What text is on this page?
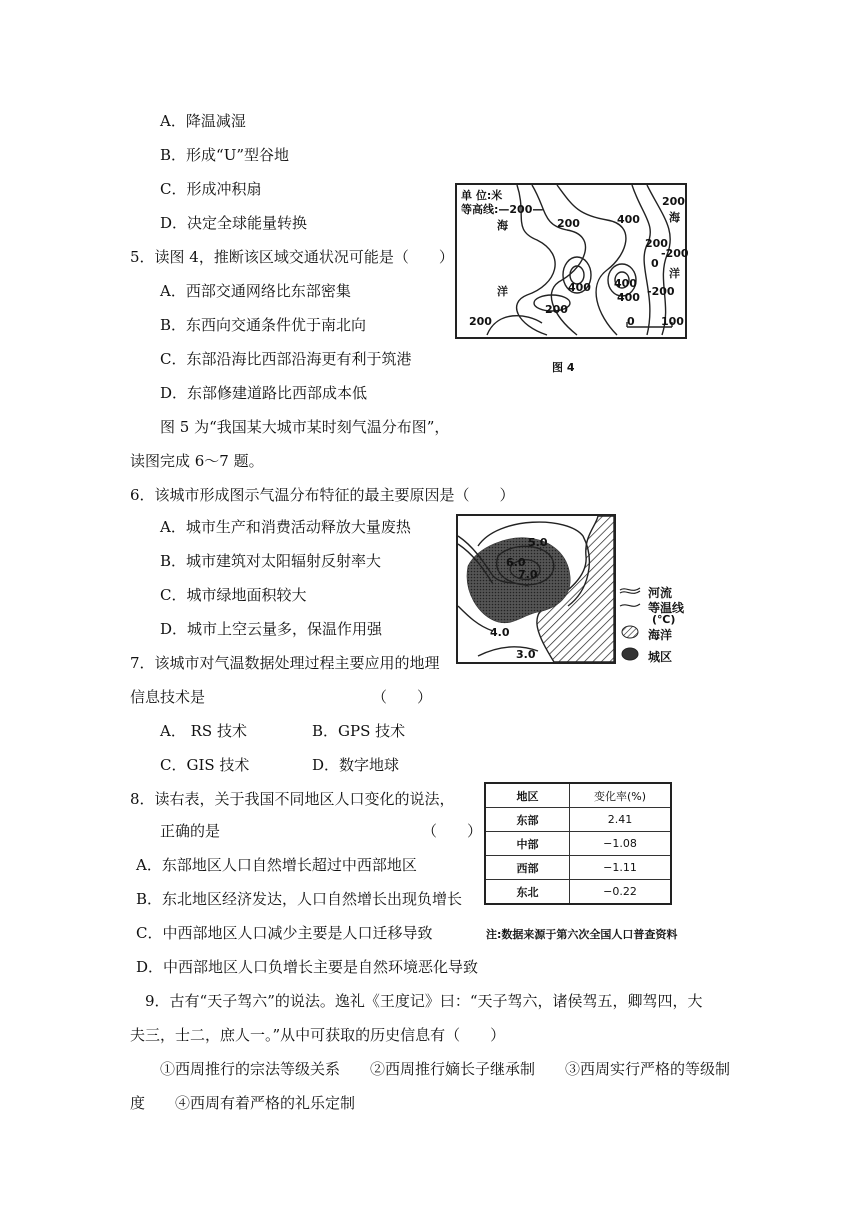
A．降温减湿
B．形成“U”型谷地
C．形成冲积扇
D．决定全球能量转换
5．读图 4，推断该区域交通状况可能是（　　）
A．西部交通网络比东部密集
B．东西向交通条件优于南北向
C．东部沿海比西部沿海更有利于筑港
D．东部修建道路比西部成本低
单 位:米
等高线:—200—
海
海
洋
洋
200
200
400
200
0
-200
-200
400 400
400
200
200	0 100
图 4
图 5 为“我国某大城市某时刻气温分布图”，
读图完成 6～7 题。
6．该城市形成图示气温分布特征的最主要原因是（　　）
A．城市生产和消费活动释放大量废热
B．城市建筑对太阳辐射反射率大
C．城市绿地面积较大
D．城市上空云量多，保温作用强
5.0
6.0
7.0
4.0
3.0
河流
等温线
(℃)
海洋
城区
7．该城市对气温数据处理过程主要应用的地理
信息技术是	（　　）
A． RS 技术	B．GPS 技术
C．GIS 技术	D．数字地球
8．读右表，关于我国不同地区人口变化的说法，
正确的是	（　　）
A．东部地区人口自然增长超过中西部地区
B．东北地区经济发达，人口自然增长出现负增长
C．中西部地区人口减少主要是人口迁移导致
D．中西部地区人口负增长主要是自然环境恶化导致
地区	变化率(%)
东部	2.41
中部	−1.08
西部	−1.11
东北	−0.22
注:数据来源于第六次全国人口普查资料
9．古有“天子驾六”的说法。逸礼《王度记》曰：“天子驾六，诸侯驾五，卿驾四，大
夫三，士二，庶人一。”从中可获取的历史信息有（　　）
①西周推行的宗法等级关系　　②西周推行嫡长子继承制　　③西周实行严格的等级制
度　　④西周有着严格的礼乐定制
